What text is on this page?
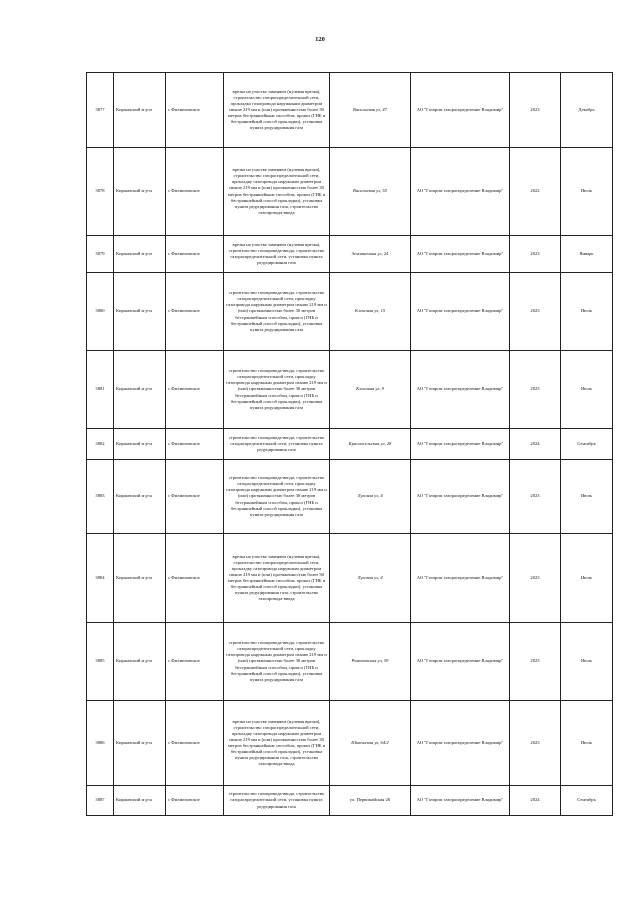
120
3877	Киржачский м р-н	с Филипповское	врезка на участке заменяем (нулевая врезка), строительство газораспределительной сети, прокладка газопровода наружными диаметром свыше 219 мм и (или) протяженностью более 30 метров бестраншейным способом, прокол (ГНБ и бестраншейный способ прокладки), установка пункта редуцирования газа	Васильевая ул, 47	АО "Газпром газораспределение Владимир"	2023	Декабрь
3878	Киржачский м р-н	с Филипповское	врезка на участке заменяем (нулевая врезка), строительство газораспределительной сети, прокладку газопровода наружным диаметром свыше 219 мм и (или) протяженностью более 30 метров бестраншейным способом, прокол (ГНБ и бестраншейный способ прокладки), установка пункта редуцирования газа, строительство газопровода-ввода	Васильевая ул, 55	АО "Газпром газораспределение Владимир"	2022	Июль
3879	Киржачский м р-н	с Филипповское	врезка на участке заменяем (нулевая врезка), строительство газопровода-ввода, строительство газораспределительной сети, установка пункта редуцирования газа	Земляничная ул, 24	АО "Газпром газораспределение Владимир"	2023	Январь
3880	Киржачский м р-н	с Филипповское	строительство газопровода-ввода, строительство газораспределительной сети, прокладку газопровода наружным диаметром свыше 219 мм и (или) протяженностью более 30 метров бестраншейным способом, прокол (ГНБ и бестраншейный способ прокладки), установка пункта редуцирования газа	Кленовая ул, 15	АО "Газпром газораспределение Владимир"	2023	Июль
3881	Киржачский м р-н	с Филипповское	строительство газопровода-ввода, строительство газораспределительной сети, прокладку газопровода наружным диаметром свыше 219 мм и (или) протяженностью более 30 метров бестраншейным способом, прокол (ГНБ и бестраншейный способ прокладки), установка пункта редуцирования газа	Кленовая ул, 9	АО "Газпром газораспределение Владимир"	2023	Июль
3882	Киржачский м р-н	с Филипповское	строительство газопровода-ввода, строительство газораспределительной сети, установка пункта редуцирования газа	Красносельская ул, 28	АО "Газпром газораспределение Владимир"	2024	Сентябрь
3883	Киржачский м р-н	с Филипповское	строительство газопровода-ввода, строительство газораспределительной сети, прокладку газопровода наружным диаметром свыше 219 мм и (или) протяженностью более 30 метров бестраншейным способом, прокол (ГНБ и бестраншейный способ прокладки), установка пункта редуцирования газа	Луговая ул, 4	АО "Газпром газораспределение Владимир"	2023	Июль
3884	Киржачский м р-н	с Филипповское	врезка на участке заменяем (нулевая врезка), строительство газораспределительной сети, прокладку газопровода наружным диаметром свыше 219 мм и (или) протяженностью более 30 метров бестраншейным способом, прокол (ГНБ и бестраншейный способ прокладки), установка пункта редуцирования газа, строительство газопровода-ввода	Луговая ул, 4	АО "Газпром газораспределение Владимир"	2023	Июль
3885	Киржачский м р-н	с Филипповское	строительство газопровода-ввода, строительство газораспределительной сети, прокладку газопровода наружным диаметром свыше 219 мм и (или) протяженностью более 30 метров бестраншейным способом, прокол (ГНБ и бестраншейный способ прокладки), установка пункта редуцирования газа	Романовская ул, 59	АО "Газпром газораспределение Владимир"	2023	Июль
3886	Киржачский м р-н	с Филипповское	врезка на участке заменяем (нулевая врезка), строительство газораспределительной сети, прокладку газопровода наружным диаметром свыше 219 мм и (или) протяженностью более 30 метров бестраншейным способом, прокол (ГНБ и бестраншейный способ прокладки), установка пункта редуцирования газа, строительство газопровода-ввода	Шкапьевая ул, 64/2	АО "Газпром газораспределение Владимир"	2023	Июль
3887	Киржачский м р-н	с Филипповское	строительство газопровода-ввода, строительство газораспределительной сети, установка пункта редуцирования газа	ул. Первомайская 26	АО "Газпром газораспределение Владимир"	2024	Сентябрь
